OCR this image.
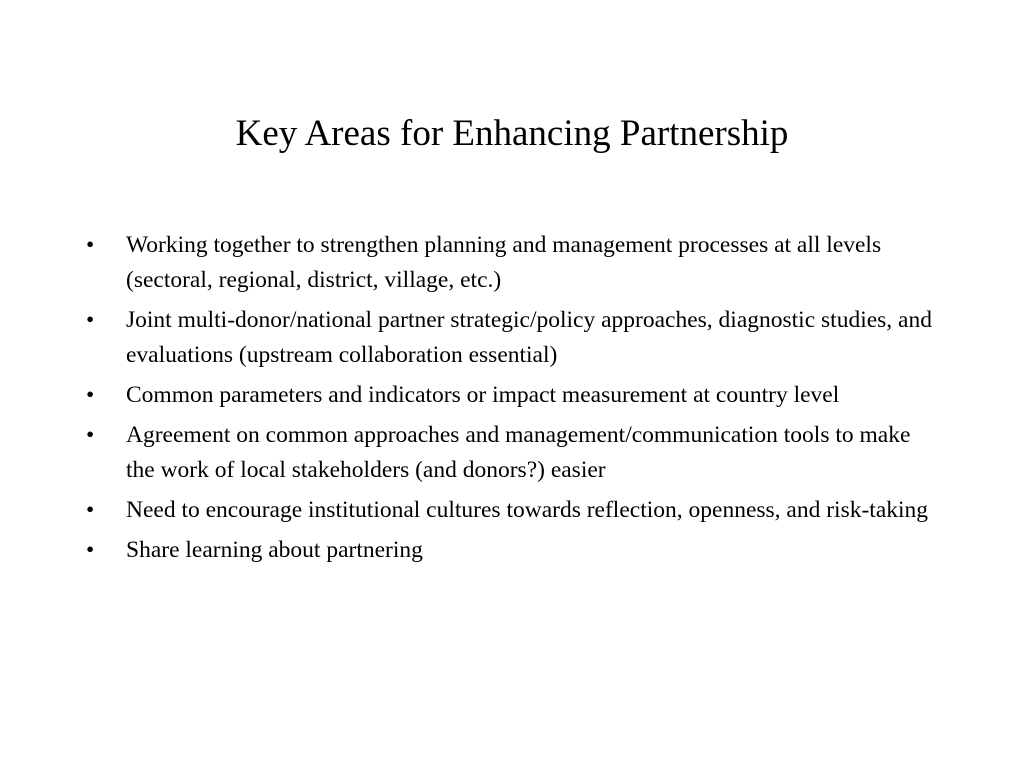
Key Areas for Enhancing Partnership
• Working together to strengthen planning and management processes at all levels (sectoral, regional, district, village, etc.)
• Joint multi-donor/national partner strategic/policy approaches, diagnostic studies, and evaluations (upstream collaboration essential)
• Common parameters and indicators or impact measurement at country level
• Agreement on common approaches and management/communication tools to make the work of local stakeholders (and donors?) easier
• Need to encourage institutional cultures towards reflection, openness, and risk-taking
• Share learning about partnering
